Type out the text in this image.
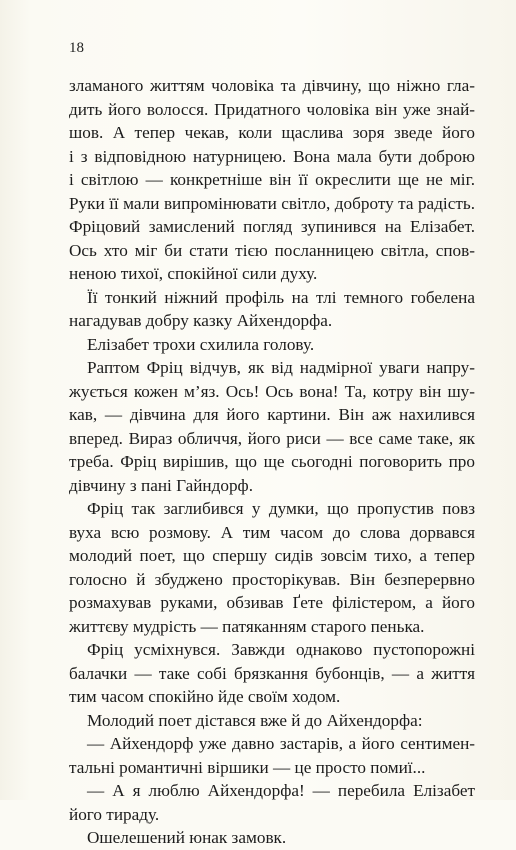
18

зламаного життям чоловіка та дівчину, що ніжно гла-
дить його волосся. Придатного чоловіка він уже знай-
шов. А тепер чекав, коли щаслива зоря зведе його
і з відповідною натурницею. Вона мала бути доброю
і світлою — конкретніше він її окреслити ще не міг.
Руки її мали випромінювати світло, доброту та радість.
Фріцовий замислений погляд зупинився на Елізабет.
Ось хто міг би стати тією посланницею світла, спов-
неною тихої, спокійної сили духу.
Її тонкий ніжний профіль на тлі темного гобелена
нагадував добру казку Айхендорфа.
Елізабет трохи схилила голову.
Раптом Фріц відчув, як від надмірної уваги напру-
жується кожен м’яз. Ось! Ось вона! Та, котру він шу-
кав, — дівчина для його картини. Він аж нахилився
вперед. Вираз обличчя, його риси — все саме таке, як
треба. Фріц вирішив, що ще сьогодні поговорить про
дівчину з пані Гайндорф.
Фріц так заглибився у думки, що пропустив повз
вуха всю розмову. А тим часом до слова дорвався
молодий поет, що спершу сидів зовсім тихо, а тепер
голосно й збуджено просторікував. Він безперервно
розмахував руками, обзивав Ґете філістером, а його
життєву мудрість — патяканням старого пенька.
Фріц усміхнувся. Завжди однаково пустопорожні
балачки — таке собі брязкання бубонців, — а життя
тим часом спокійно йде своїм ходом.
Молодий поет дістався вже й до Айхендорфа:
— Айхендорф уже давно застарів, а його сентимен-
тальні романтичні віршики — це просто помиї...
— А я люблю Айхендорфа! — перебила Елізабет
його тираду.
Ошелешений юнак замовк.
